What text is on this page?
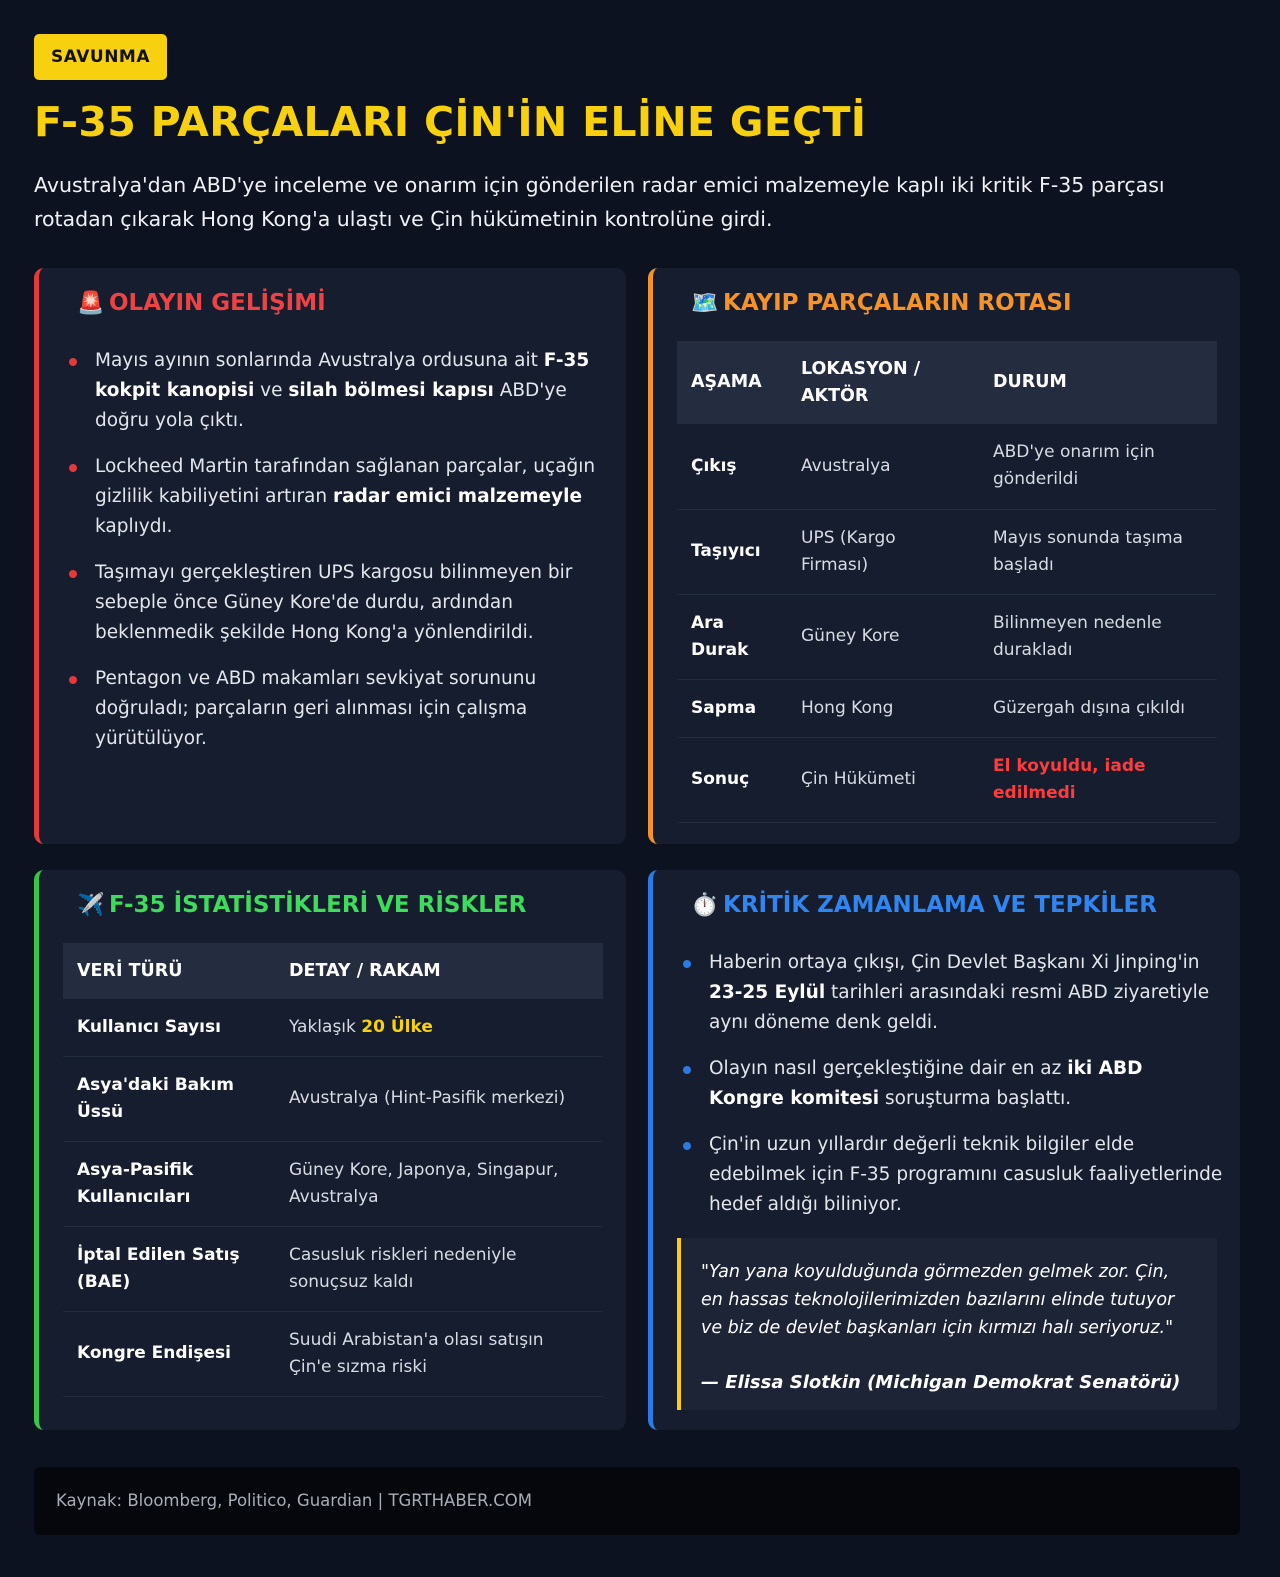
SAVUNMA
F-35 PARÇALARI ÇİN'İN ELİNE GEÇTİ

Avustralya'dan ABD'ye inceleme ve onarım için gönderilen radar emici malzemeyle kaplı iki kritik F-35 parçası rotadan çıkarak Hong Kong'a ulaştı ve Çin hükümetinin kontrolüne girdi.

🚨 OLAYIN GELİŞİMİ
Mayıs ayının sonlarında Avustralya ordusuna ait F-35 kokpit kanopisi ve silah bölmesi kapısı ABD'ye doğru yola çıktı.
Lockheed Martin tarafından sağlanan parçalar, uçağın gizlilik kabiliyetini artıran radar emici malzemeyle kaplıydı.
Taşımayı gerçekleştiren UPS kargosu bilinmeyen bir sebeple önce Güney Kore'de durdu, ardından beklenmedik şekilde Hong Kong'a yönlendirildi.
Pentagon ve ABD makamları sevkiyat sorununu doğruladı; parçaların geri alınması için çalışma yürütülüyor.
🗺️ KAYIP PARÇALARIN ROTASI
AŞAMA	LOKASYON / AKTÖR	DURUM
Çıkış	Avustralya	ABD'ye onarım için gönderildi
Taşıyıcı	UPS (Kargo Firması)	Mayıs sonunda taşıma başladı
Ara Durak	Güney Kore	Bilinmeyen nedenle durakladı
Sapma	Hong Kong	Güzergah dışına çıkıldı
Sonuç	Çin Hükümeti	El koyuldu, iade edilmedi
✈️ F-35 İSTATİSTİKLERİ VE RİSKLER
VERİ TÜRÜ	DETAY / RAKAM
Kullanıcı Sayısı	Yaklaşık 20 Ülke
Asya'daki Bakım Üssü	Avustralya (Hint-Pasifik merkezi)
Asya-Pasifik Kullanıcıları	Güney Kore, Japonya, Singapur, Avustralya
İptal Edilen Satış (BAE)	Casusluk riskleri nedeniyle sonuçsuz kaldı
Kongre Endişesi	Suudi Arabistan'a olası satışın Çin'e sızma riski
⏱️ KRİTİK ZAMANLAMA VE TEPKİLER
Haberin ortaya çıkışı, Çin Devlet Başkanı Xi Jinping'in 23-25 Eylül tarihleri arasındaki resmi ABD ziyaretiyle aynı döneme denk geldi.
Olayın nasıl gerçekleştiğine dair en az iki ABD Kongre komitesi soruşturma başlattı.
Çin'in uzun yıllardır değerli teknik bilgiler elde edebilmek için F-35 programını casusluk faaliyetlerinde hedef aldığı biliniyor.

"Yan yana koyulduğunda görmezden gelmek zor. Çin, en hassas teknolojilerimizden bazılarını elinde tutuyor ve biz de devlet başkanları için kırmızı halı seriyoruz."

— Elissa Slotkin (Michigan Demokrat Senatörü)

Kaynak: Bloomberg, Politico, Guardian | TGRTHABER.COM
